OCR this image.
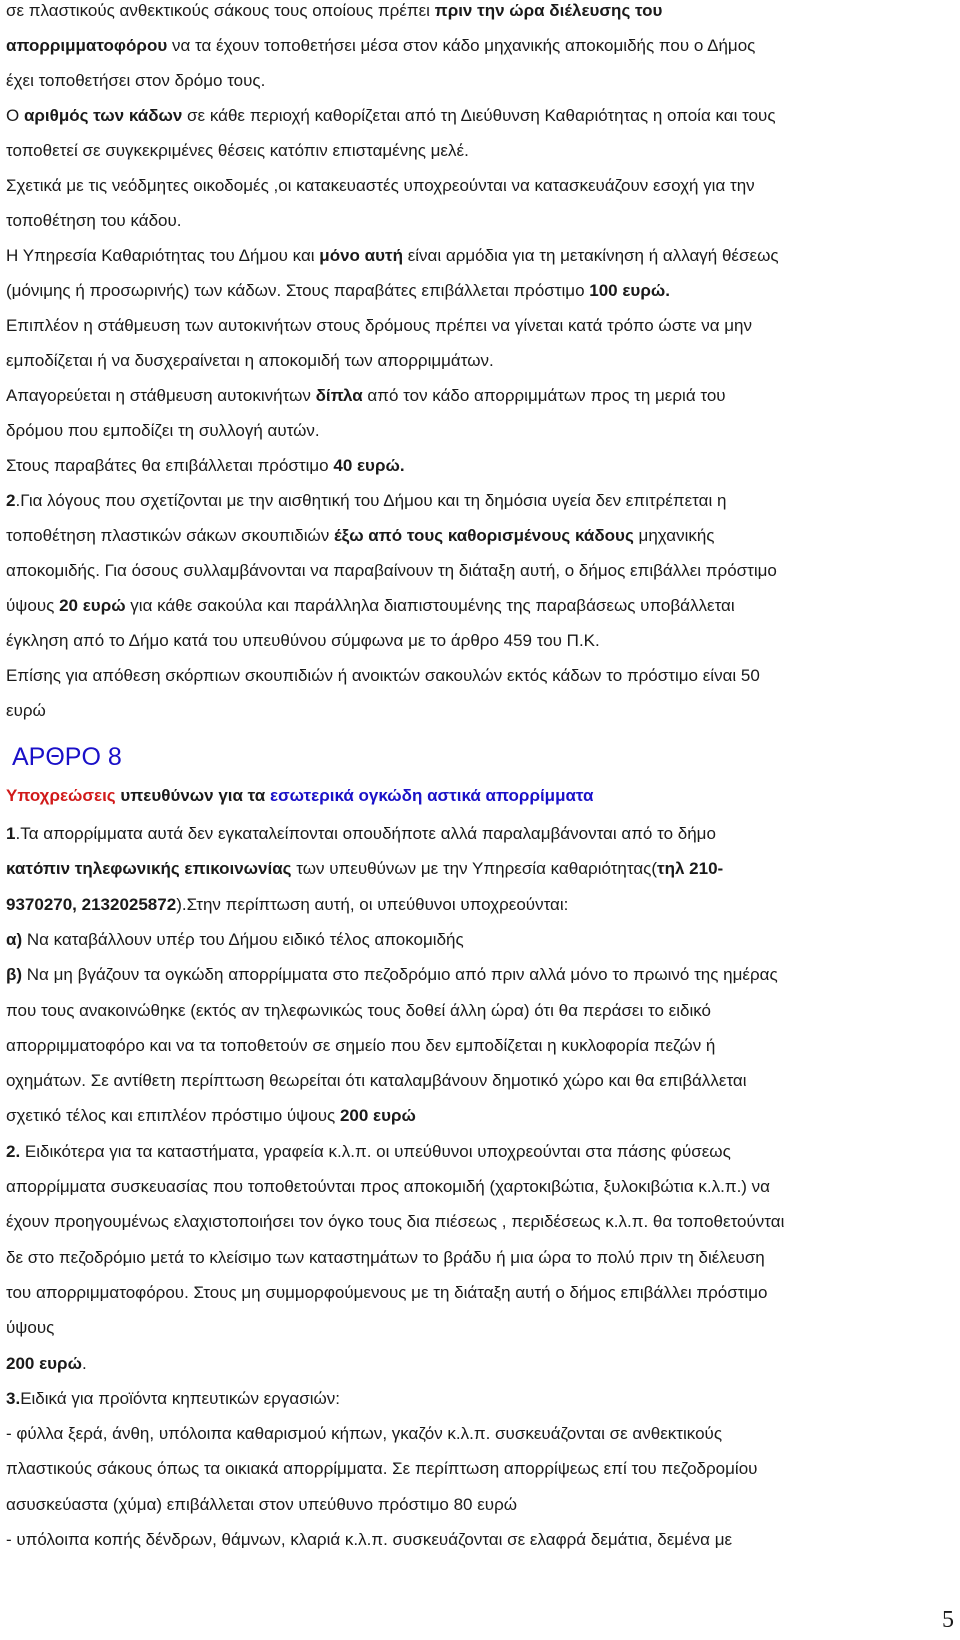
σε πλαστικούς ανθεκτικούς σάκους τους οποίους πρέπει πριν την ώρα διέλευσης του
απορριμματοφόρου να τα έχουν τοποθετήσει μέσα στον κάδο μηχανικής αποκομιδής που ο Δήμος
έχει τοποθετήσει στον δρόμο τους.
Ο αριθμός των κάδων σε κάθε περιοχή καθορίζεται από τη Διεύθυνση Καθαριότητας η οποία και τους
τοποθετεί σε συγκεκριμένες θέσεις κατόπιν επισταμένης μελέ.
Σχετικά με τις νεόδμητες οικοδομές ,οι κατακευαστές υποχρεούνται να κατασκευάζουν εσοχή για την
τοποθέτηση του κάδου.
Η Υπηρεσία Καθαριότητας του Δήμου και μόνο αυτή είναι αρμόδια για τη μετακίνηση ή αλλαγή θέσεως
(μόνιμης ή προσωρινής) των κάδων. Στους παραβάτες επιβάλλεται πρόστιμο 100 ευρώ.
Επιπλέον η στάθμευση των αυτοκινήτων στους δρόμους πρέπει να γίνεται κατά τρόπο ώστε να μην
εμποδίζεται ή να δυσχεραίνεται η αποκομιδή των απορριμμάτων.
Απαγορεύεται η στάθμευση αυτοκινήτων δίπλα από τον κάδο απορριμμάτων προς τη μεριά του
δρόμου που εμποδίζει τη συλλογή αυτών.
Στους παραβάτες θα επιβάλλεται πρόστιμο 40 ευρώ.
2.Για λόγους που σχετίζονται με την αισθητική του Δήμου και τη δημόσια υγεία δεν επιτρέπεται η
τοποθέτηση πλαστικών σάκων σκουπιδιών έξω από τους καθορισμένους κάδους μηχανικής
αποκομιδής. Για όσους συλλαμβάνονται να παραβαίνουν τη διάταξη αυτή, ο δήμος επιβάλλει πρόστιμο
ύψους 20 ευρώ για κάθε σακούλα και παράλληλα διαπιστουμένης της παραβάσεως υποβάλλεται
έγκληση από το Δήμο κατά του υπευθύνου σύμφωνα με το άρθρο 459 του Π.Κ.
Επίσης για απόθεση σκόρπιων σκουπιδιών ή ανοικτών σακουλών εκτός κάδων το πρόστιμο είναι 50
ευρώ
ΑΡΘΡΟ 8
Υποχρεώσεις υπευθύνων για τα εσωτερικά ογκώδη αστικά απορρίμματα
1.Τα απορρίμματα αυτά δεν εγκαταλείπονται οπουδήποτε αλλά παραλαμβάνονται από το δήμο
κατόπιν τηλεφωνικής επικοινωνίας των υπευθύνων με την Υπηρεσία καθαριότητας(τηλ 210-
9370270, 2132025872).Στην περίπτωση αυτή, οι υπεύθυνοι υποχρεούνται:
α) Να καταβάλλουν υπέρ του Δήμου ειδικό τέλος αποκομιδής
β) Να μη βγάζουν τα ογκώδη απορρίμματα στο πεζοδρόμιο από πριν αλλά μόνο το πρωινό της ημέρας
που τους ανακοινώθηκε (εκτός αν τηλεφωνικώς τους δοθεί άλλη ώρα) ότι θα περάσει το ειδικό
απορριμματοφόρο και να τα τοποθετούν σε σημείο που δεν εμποδίζεται η κυκλοφορία πεζών ή
οχημάτων. Σε αντίθετη περίπτωση θεωρείται ότι καταλαμβάνουν δημοτικό χώρο και θα επιβάλλεται
σχετικό τέλος και επιπλέον πρόστιμο ύψους 200 ευρώ
2. Ειδικότερα για τα καταστήματα, γραφεία κ.λ.π. οι υπεύθυνοι υποχρεούνται στα πάσης φύσεως
απορρίμματα συσκευασίας που τοποθετούνται προς αποκομιδή (χαρτοκιβώτια, ξυλοκιβώτια κ.λ.π.) να
έχουν προηγουμένως ελαχιστοποιήσει τον όγκο τους δια πιέσεως , περιδέσεως κ.λ.π. θα τοποθετούνται
δε στο πεζοδρόμιο μετά το κλείσιμο των καταστημάτων το βράδυ ή μια ώρα το πολύ πριν τη διέλευση
του απορριμματοφόρου. Στους μη συμμορφούμενους με τη διάταξη αυτή ο δήμος επιβάλλει πρόστιμο
ύψους
200 ευρώ.
3.Ειδικά για προϊόντα κηπευτικών εργασιών:
- φύλλα ξερά, άνθη, υπόλοιπα καθαρισμού κήπων, γκαζόν κ.λ.π. συσκευάζονται σε ανθεκτικούς
πλαστικούς σάκους όπως τα οικιακά απορρίμματα. Σε περίπτωση απορρίψεως επί του πεζοδρομίου
ασυσκεύαστα (χύμα) επιβάλλεται στον υπεύθυνο πρόστιμο 80 ευρώ
- υπόλοιπα κοπής δένδρων, θάμνων, κλαριά κ.λ.π. συσκευάζονται σε ελαφρά δεμάτια, δεμένα με
5
